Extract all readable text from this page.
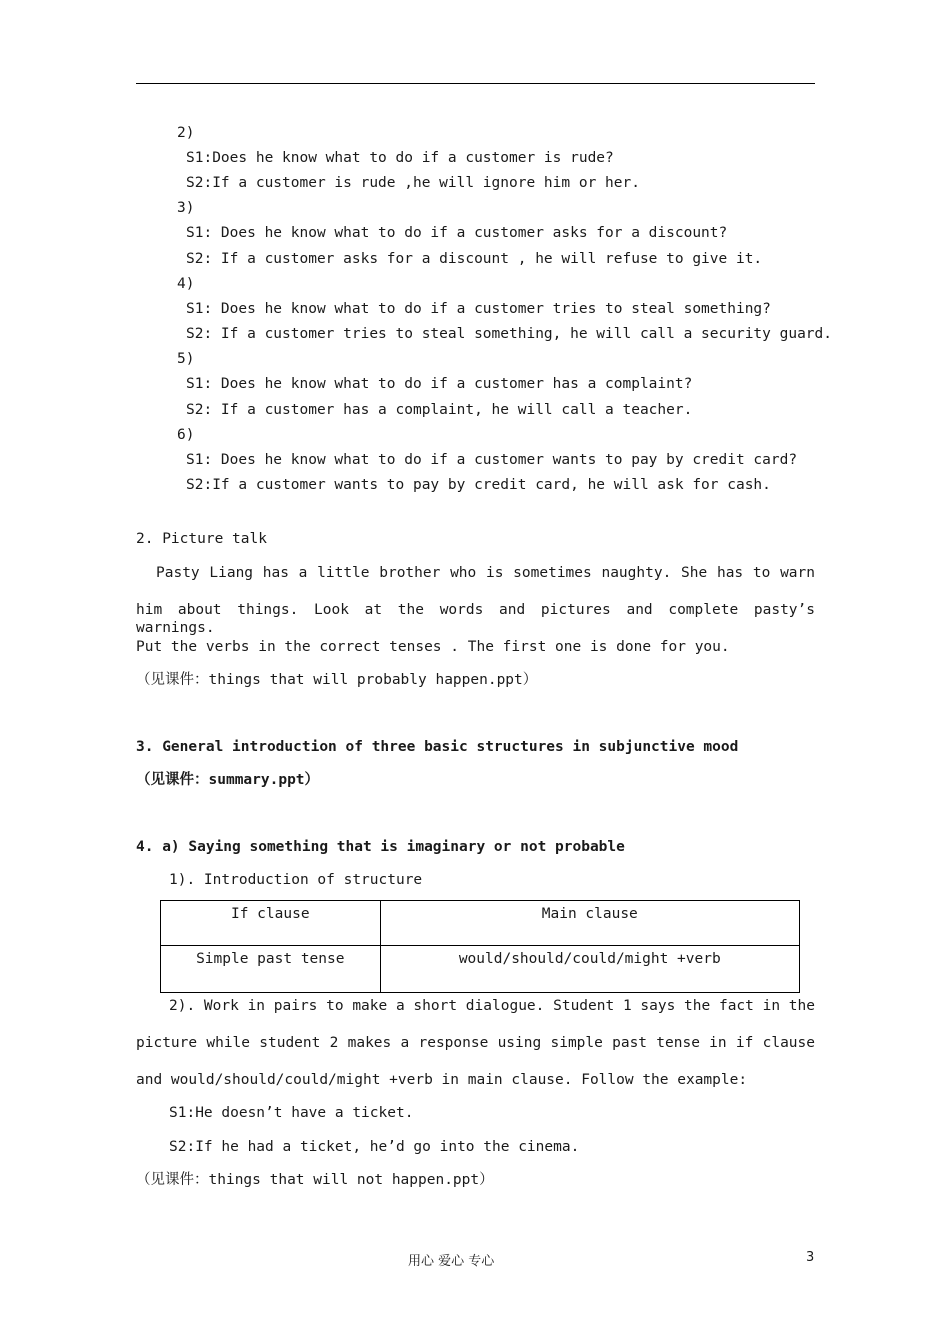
2)
S1:Does he know what to do if a customer is rude?
S2:If a customer is rude ,he will ignore him or her.
3)
S1: Does he know what to do if a customer asks for a discount?
S2: If a customer asks for a discount , he will refuse to give it.
4)
S1: Does he know what to do if a customer tries to steal something?
S2: If a customer tries to steal something, he will call a security guard.
5)
S1: Does he know what to do if a customer has a complaint?
S2: If a customer has a complaint, he will call a teacher.
6)
S1: Does he know what to do if a customer wants to pay by credit card?
S2:If a customer wants to pay by credit card, he will ask for cash.
2. Picture talk
Pasty Liang has a little brother who is sometimes naughty. She has to warn
him about things. Look at the words and pictures and complete pasty’s warnings.
Put the verbs in the correct tenses . The first one is done for you.
（见课件：things that will probably happen.ppt）
3. General introduction of three basic structures in subjunctive mood
（见课件：summary.ppt）
4. a) Saying something that is imaginary or not probable
1). Introduction of structure
If clause	Main clause
Simple past tense	would/should/could/might +verb
2). Work in pairs to make a short dialogue. Student 1 says the fact in the
picture while student 2 makes a response using simple past tense in if clause
and would/should/could/might +verb in main clause. Follow the example:
S1:He doesn’t have a ticket.
S2:If he had a ticket, he’d go into the cinema.
（见课件：things that will not happen.ppt）
用心 爱心 专心	3
